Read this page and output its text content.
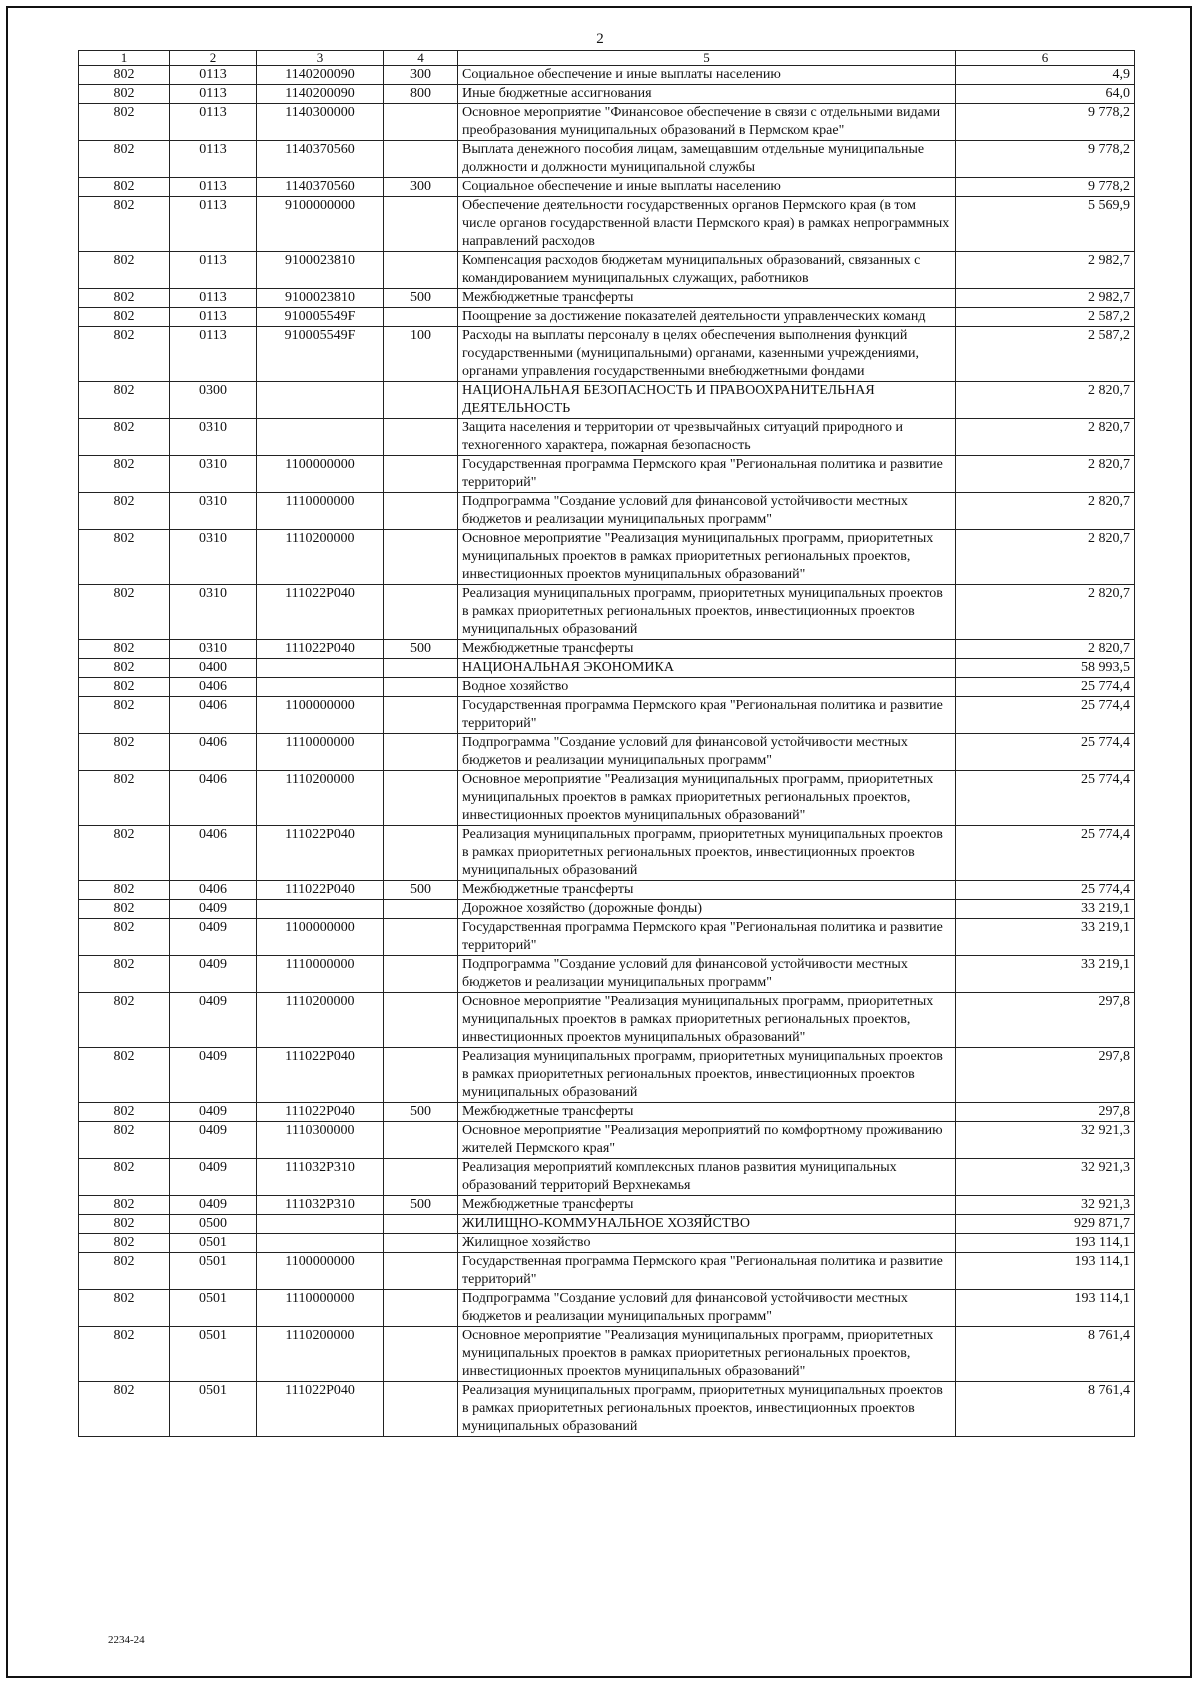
2
1	2	3	4	5	6
802	0113	1140200090	300	Социальное обеспечение и иные выплаты населению	4,9
802	0113	1140200090	800	Иные бюджетные ассигнования	64,0
802	0113	1140300000		Основное мероприятие "Финансовое обеспечение в связи с отдельными видами преобразования муниципальных образований в Пермском крае"	9 778,2
802	0113	1140370560		Выплата денежного пособия лицам, замещавшим отдельные муниципальные должности и должности муниципальной службы	9 778,2
802	0113	1140370560	300	Социальное обеспечение и иные выплаты населению	9 778,2
802	0113	9100000000		Обеспечение деятельности государственных органов Пермского края (в том числе органов государственной власти Пермского края) в рамках непрограммных направлений расходов	5 569,9
802	0113	9100023810		Компенсация расходов бюджетам муниципальных образований, связанных с командированием муниципальных служащих, работников	2 982,7
802	0113	9100023810	500	Межбюджетные трансферты	2 982,7
802	0113	910005549F		Поощрение за достижение показателей деятельности управленческих команд	2 587,2
802	0113	910005549F	100	Расходы на выплаты персоналу в целях обеспечения выполнения функций государственными (муниципальными) органами, казенными учреждениями, органами управления государственными внебюджетными фондами	2 587,2
802	0300			НАЦИОНАЛЬНАЯ БЕЗОПАСНОСТЬ И ПРАВООХРАНИТЕЛЬНАЯ ДЕЯТЕЛЬНОСТЬ	2 820,7
802	0310			Защита населения и территории от чрезвычайных ситуаций природного и техногенного характера, пожарная безопасность	2 820,7
802	0310	1100000000		Государственная программа Пермского края "Региональная политика и развитие территорий"	2 820,7
802	0310	1110000000		Подпрограмма "Создание условий для финансовой устойчивости местных бюджетов и реализации муниципальных программ"	2 820,7
802	0310	1110200000		Основное мероприятие "Реализация муниципальных программ, приоритетных муниципальных проектов в рамках приоритетных региональных проектов, инвестиционных проектов муниципальных образований"	2 820,7
802	0310	111022P040		Реализация муниципальных программ, приоритетных муниципальных проектов в рамках приоритетных региональных проектов, инвестиционных проектов муниципальных образований	2 820,7
802	0310	111022P040	500	Межбюджетные трансферты	2 820,7
802	0400			НАЦИОНАЛЬНАЯ ЭКОНОМИКА	58 993,5
802	0406			Водное хозяйство	25 774,4
802	0406	1100000000		Государственная программа Пермского края "Региональная политика и развитие территорий"	25 774,4
802	0406	1110000000		Подпрограмма "Создание условий для финансовой устойчивости местных бюджетов и реализации муниципальных программ"	25 774,4
802	0406	1110200000		Основное мероприятие "Реализация муниципальных программ, приоритетных муниципальных проектов в рамках приоритетных региональных проектов, инвестиционных проектов муниципальных образований"	25 774,4
802	0406	111022P040		Реализация муниципальных программ, приоритетных муниципальных проектов в рамках приоритетных региональных проектов, инвестиционных проектов муниципальных образований	25 774,4
802	0406	111022P040	500	Межбюджетные трансферты	25 774,4
802	0409			Дорожное хозяйство (дорожные фонды)	33 219,1
802	0409	1100000000		Государственная программа Пермского края "Региональная политика и развитие территорий"	33 219,1
802	0409	1110000000		Подпрограмма "Создание условий для финансовой устойчивости местных бюджетов и реализации муниципальных программ"	33 219,1
802	0409	1110200000		Основное мероприятие "Реализация муниципальных программ, приоритетных муниципальных проектов в рамках приоритетных региональных проектов, инвестиционных проектов муниципальных образований"	297,8
802	0409	111022P040		Реализация муниципальных программ, приоритетных муниципальных проектов в рамках приоритетных региональных проектов, инвестиционных проектов муниципальных образований	297,8
802	0409	111022P040	500	Межбюджетные трансферты	297,8
802	0409	1110300000		Основное мероприятие "Реализация мероприятий по комфортному проживанию жителей Пермского края"	32 921,3
802	0409	111032P310		Реализация мероприятий комплексных планов развития муниципальных образований территорий Верхнекамья	32 921,3
802	0409	111032P310	500	Межбюджетные трансферты	32 921,3
802	0500			ЖИЛИЩНО-КОММУНАЛЬНОЕ ХОЗЯЙСТВО	929 871,7
802	0501			Жилищное хозяйство	193 114,1
802	0501	1100000000		Государственная программа Пермского края "Региональная политика и развитие территорий"	193 114,1
802	0501	1110000000		Подпрограмма "Создание условий для финансовой устойчивости местных бюджетов и реализации муниципальных программ"	193 114,1
802	0501	1110200000		Основное мероприятие "Реализация муниципальных программ, приоритетных муниципальных проектов в рамках приоритетных региональных проектов, инвестиционных проектов муниципальных образований"	8 761,4
802	0501	111022P040		Реализация муниципальных программ, приоритетных муниципальных проектов в рамках приоритетных региональных проектов, инвестиционных проектов муниципальных образований	8 761,4
2234-24
